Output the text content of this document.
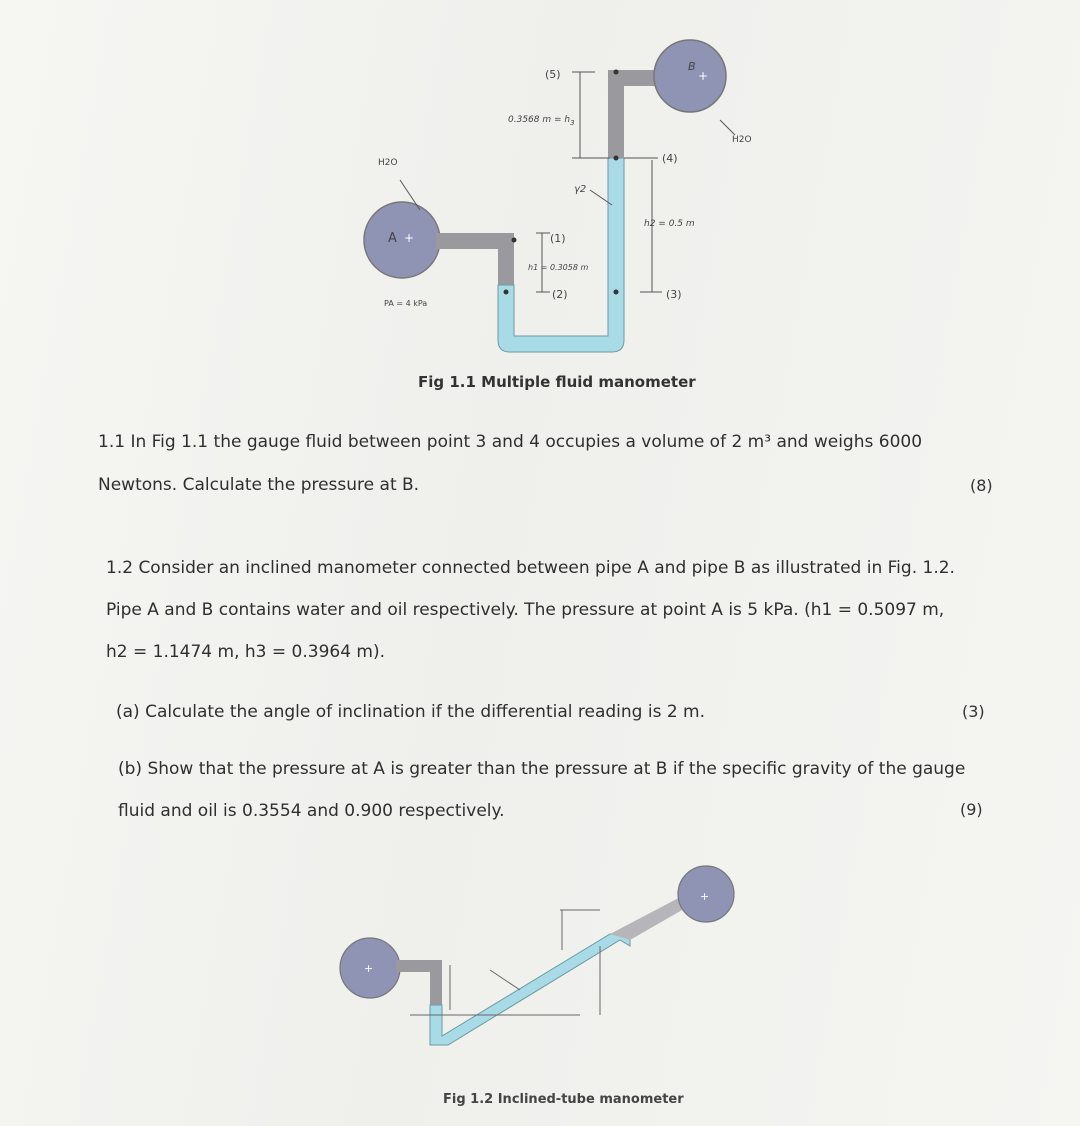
(5)
0.3568 $m = h_3$
H2O
H2O
(4)
γ2
h2 = 0.5 m
(1)
h1 = 0.3058 m
(2)	(3)
PA = 4 kPa
A
B
+
+
Fig 1.1 Multiple fluid manometer
1.1 In Fig 1.1 the gauge fluid between point 3 and 4 occupies a volume of 2 m³ and weighs 6000
Newtons. Calculate the pressure at B.	(8)
1.2 Consider an inclined manometer connected between pipe A and pipe B as illustrated in Fig. 1.2.
Pipe A and B contains water and oil respectively. The pressure at point A is 5 kPa. (h1 = 0.5097 m,
h2 = 1.1474 m, h3 = 0.3964 m).
(a) Calculate the angle of inclination if the differential reading is 2 m.	(3)
(b) Show that the pressure at A is greater than the pressure at B if the specific gravity of the gauge
fluid and oil is 0.3554 and 0.900 respectively.	(9)
+
+
Fig 1.2 Inclined-tube manometer
